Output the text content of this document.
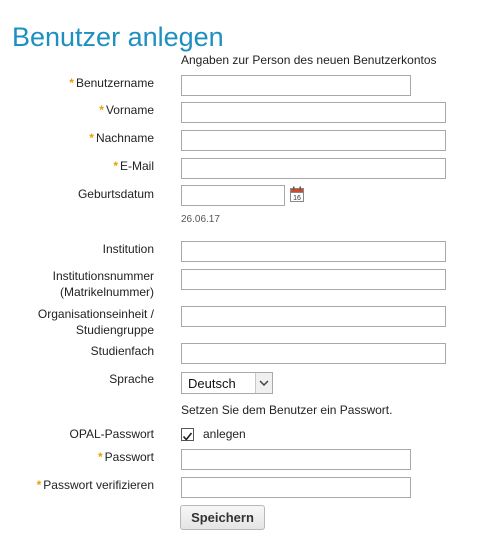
Benutzer anlegen
Angaben zur Person des neuen Benutzerkontos
* Benutzername
* Vorname
* Nachname
* E-Mail
Geburtsdatum	16
26.06.17
Institution
Institutionsnummer
(Matrikelnummer)
Organisationseinheit /
Studiengruppe
Studienfach
Sprache	Deutsch
Setzen Sie dem Benutzer ein Passwort.
OPAL-Passwort	anlegen
* Passwort
* Passwort verifizieren
Speichern
